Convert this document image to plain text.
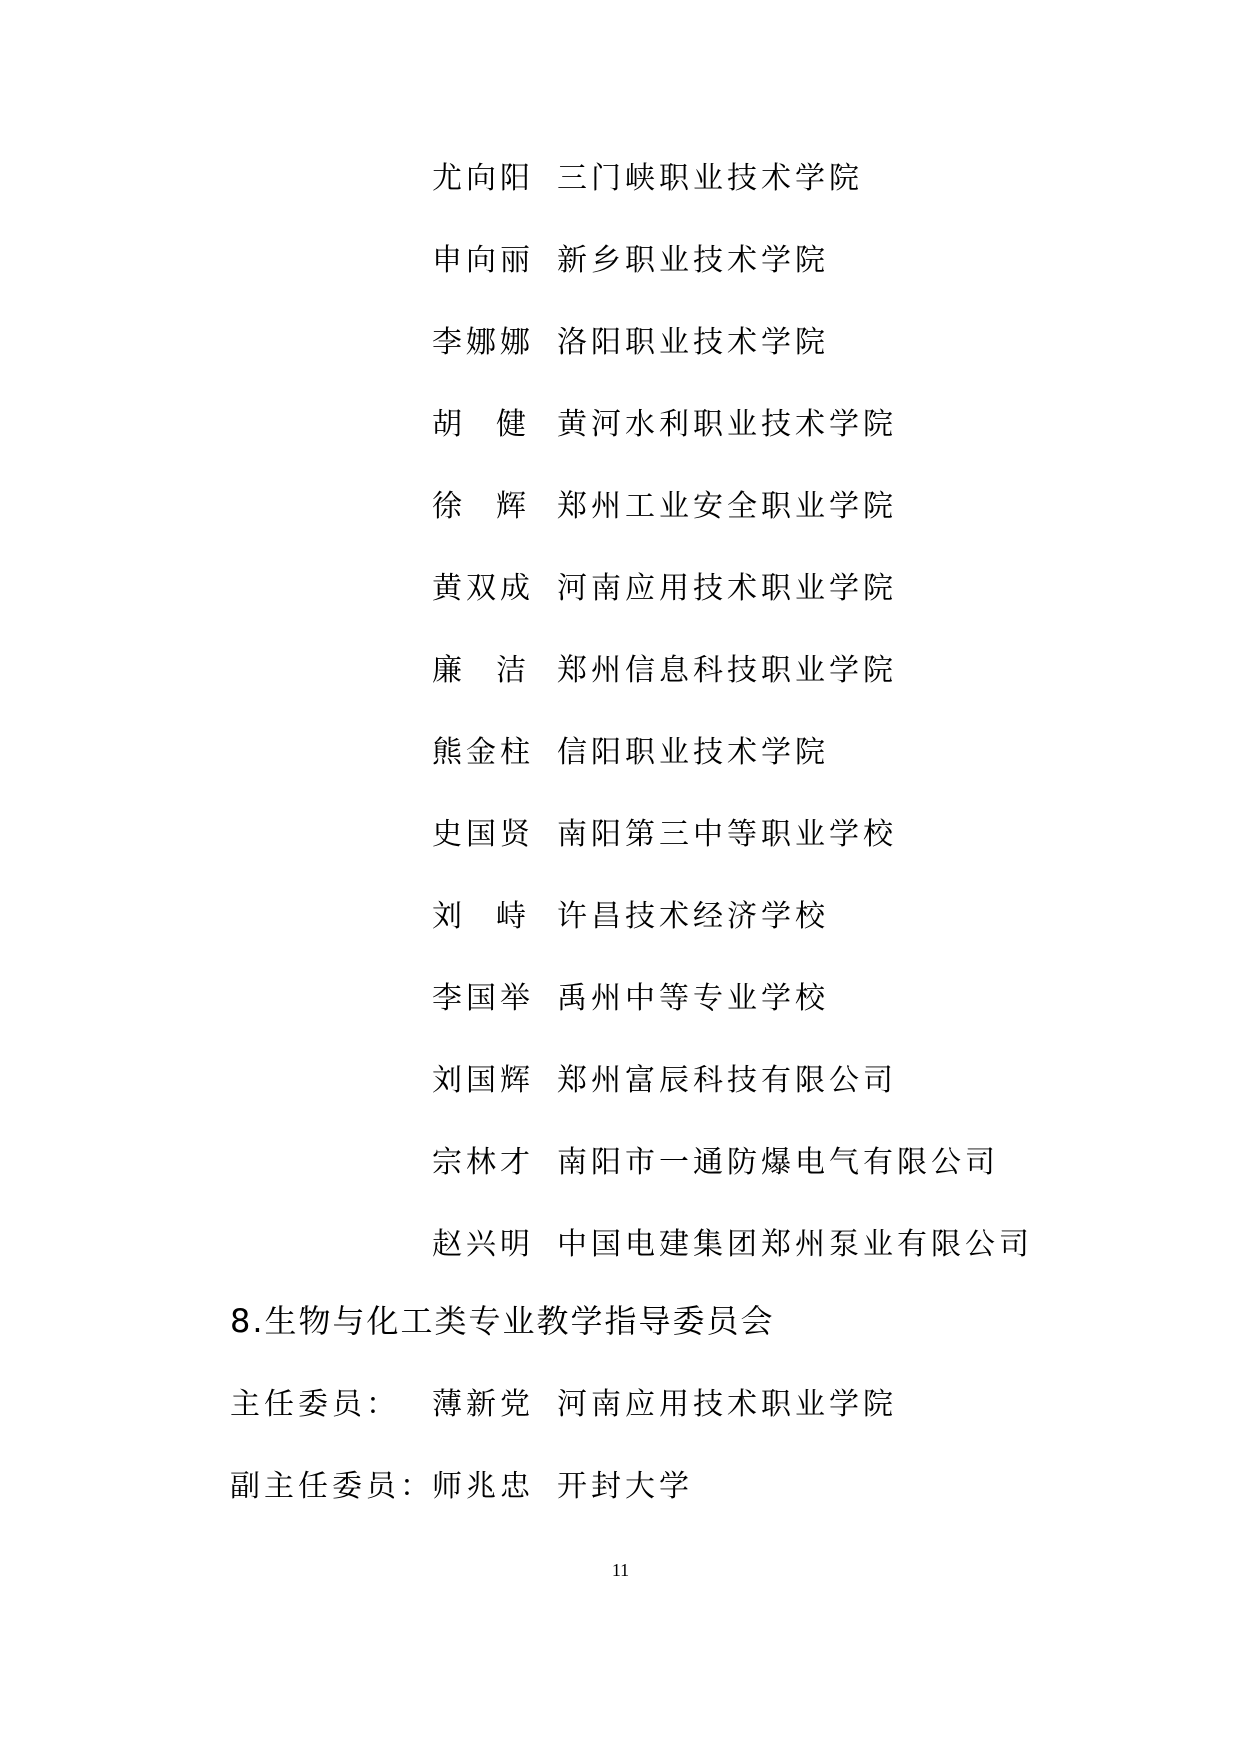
尤向阳 三门峡职业技术学院
申向丽 新乡职业技术学院
李娜娜 洛阳职业技术学院
胡健
黄河水利职业技术学院
徐辉
郑州工业安全职业学院
黄双成 河南应用技术职业学院
廉洁
郑州信息科技职业学院
熊金柱 信阳职业技术学院
史国贤 南阳第三中等职业学校
刘峙
许昌技术经济学校
李国举 禹州中等专业学校
刘国辉 郑州富辰科技有限公司
宗林才 南阳市一通防爆电气有限公司
赵兴明 中国电建集团郑州泵业有限公司
8.生物与化工类专业教学指导委员会
主任委员： 薄新党 河南应用技术职业学院
副主任委员：
师兆忠 开封大学
11
